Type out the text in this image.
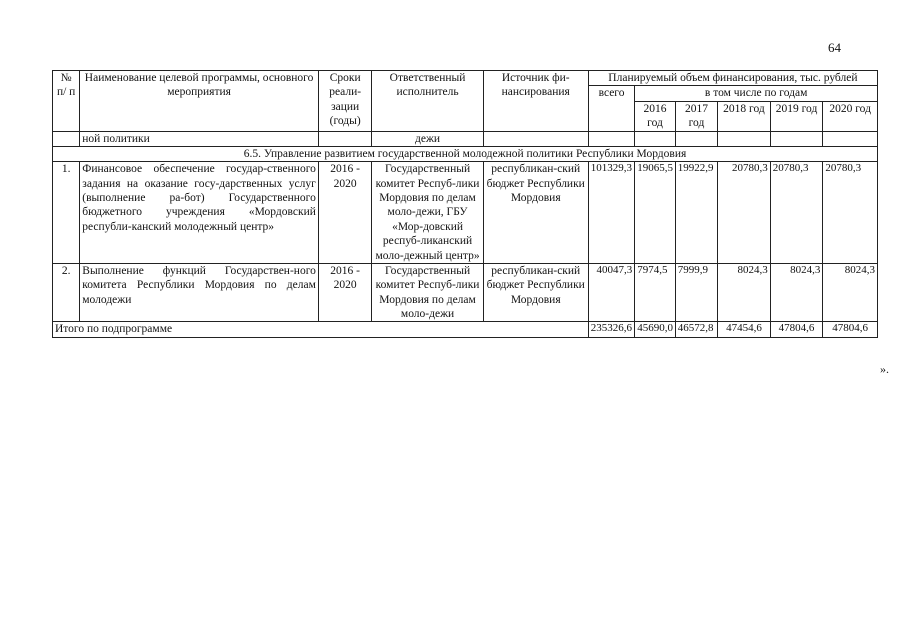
64
№ п/ п	Наименование целевой программы, основного мероприятия	Сроки реали-зации (годы)	Ответственный исполнитель	Источник фи-нансирования	Планируемый объем финансирования, тыс. рублей					
					всего	в том числе по годам				
						2016 год	2017 год	2018 год	2019 год	2020 год
	ной политики		дежи							
6.5. Управление развитием государственной молодежной политики Республики Мордовия										
1.	Финансовое обеспечение государ-ственного задания на оказание госу-дарственных услуг (выполнение ра-бот) Государственного бюджетного учреждения «Мордовский республи-канский молодежный центр»	2016 - 2020	Государственный комитет Респуб-лики Мордовия по делам моло-дежи, ГБУ «Мор-довский респуб-ликанский моло-дежный центр»	республикан-ский бюджет Республики Мордовия	101329,3	19065,5	19922,9	20780,3	20780,3	20780,3
2.	Выполнение функций Государствен-ного комитета Республики Мордовия по делам молодежи	2016 - 2020	Государственный комитет Респуб-лики Мордовия по делам моло-дежи	республикан-ский бюджет Республики Мордовия	40047,3	7974,5	7999,9	8024,3	8024,3	8024,3
Итого по подпрограмме					235326,6	45690,0	46572,8	47454,6	47804,6	47804,6
».
